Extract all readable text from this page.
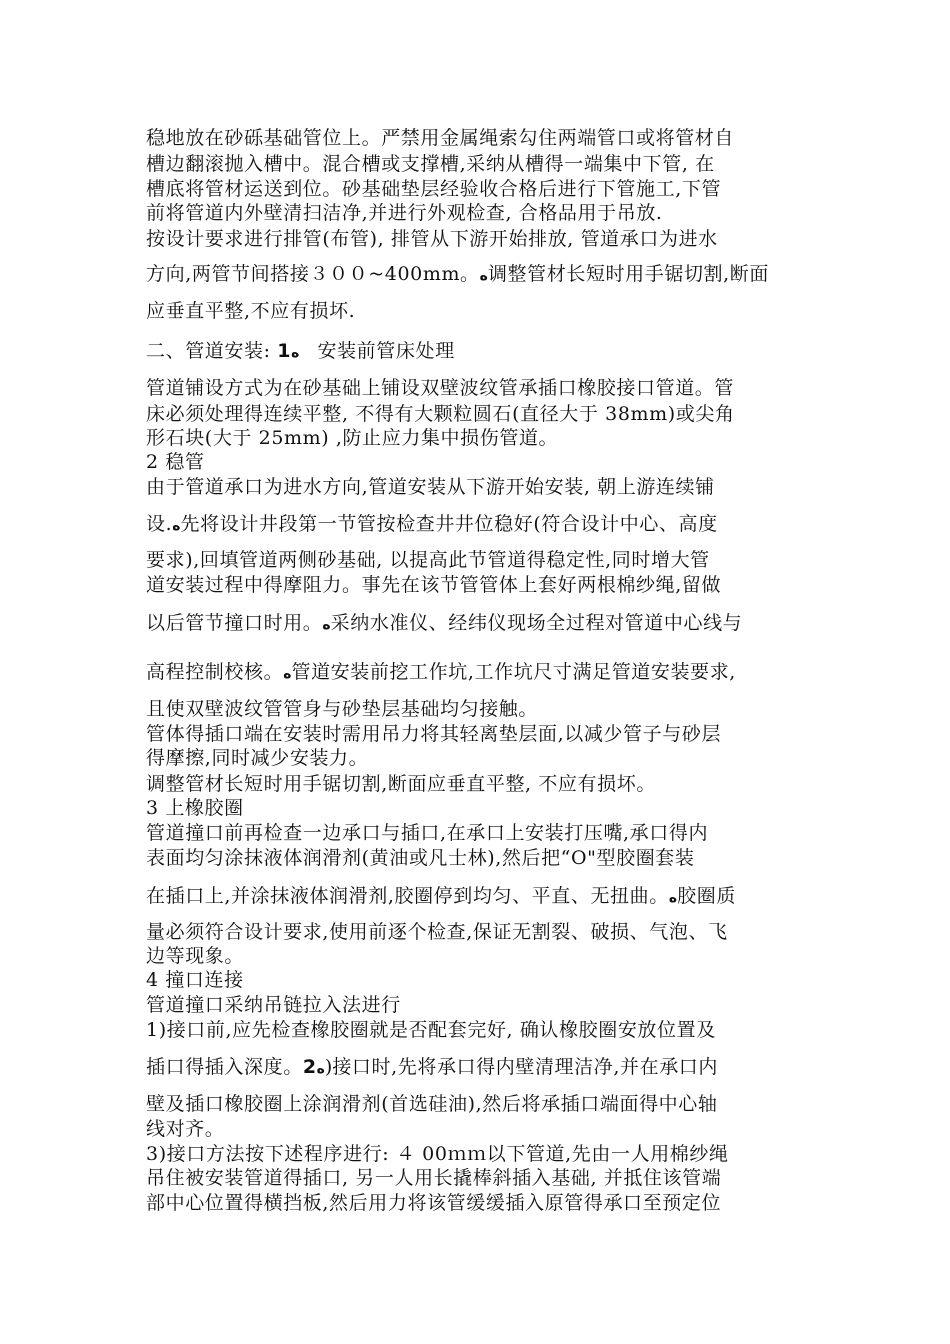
稳地放在砂砾基础管位上。严禁用金属绳索勾住两端管口或将管材自
槽边翻滚抛入槽中。混合槽或支撑槽,采纳从槽得一端集中下管, 在
槽底将管材运送到位。砂基础垫层经验收合格后进行下管施工,下管
前将管道内外壁清扫洁净,并进行外观检查, 合格品用于吊放.
按设计要求进行排管(布管), 排管从下游开始排放, 管道承口为进水
方向,两管节间搭接３００~400mm。ﻩ调整管材长短时用手锯切割,断面
应垂直平整,不应有损坏.
二、管道安装: 1ﻩ 安装前管床处理
管道铺设方式为在砂基础上铺设双壁波纹管承插口橡胶接口管道。管
床必须处理得连续平整, 不得有大颗粒圆石(直径大于 38mm)或尖角
形石块(大于 25mm) ,防止应力集中损伤管道。
2 稳管
由于管道承口为进水方向,管道安装从下游开始安装, 朝上游连续铺
设.ﻩ先将设计井段第一节管按检查井井位稳好(符合设计中心、高度
要求),回填管道两侧砂基础, 以提高此节管道得稳定性,同时增大管
道安装过程中得摩阻力。事先在该节管管体上套好两根棉纱绳,留做
以后管节撞口时用。ﻩ采纳水准仪、经纬仪现场全过程对管道中心线与
高程控制校核。ﻩ管道安装前挖工作坑,工作坑尺寸满足管道安装要求,
且使双壁波纹管管身与砂垫层基础均匀接触。
管体得插口端在安装时需用吊力将其轻离垫层面,以减少管子与砂层
得摩擦,同时减少安装力。
调整管材长短时用手锯切割,断面应垂直平整, 不应有损坏。
3 上橡胶圈
管道撞口前再检查一边承口与插口,在承口上安装打压嘴,承口得内
表面均匀涂抹液体润滑剂(黄油或凡士林),然后把“O"型胶圈套装
在插口上,并涂抹液体润滑剂,胶圈停到均匀、平直、无扭曲。ﻩ胶圈质
量必须符合设计要求,使用前逐个检查,保证无割裂、破损、气泡、飞
边等现象。
4 撞口连接
管道撞口采纳吊链拉入法进行
1)接口前,应先检查橡胶圈就是否配套完好, 确认橡胶圈安放位置及
插口得插入深度。2ﻩ)接口时,先将承口得内壁清理洁净,并在承口内
壁及插口橡胶圈上涂润滑剂(首选硅油),然后将承插口端面得中心轴
线对齐。
3)接口方法按下述程序进行: ４ 00ｍｍ以下管道,先由一人用棉纱绳
吊住被安装管道得插口, 另一人用长撬棒斜插入基础, 并抵住该管端
部中心位置得横挡板,然后用力将该管缓缓插入原管得承口至预定位
